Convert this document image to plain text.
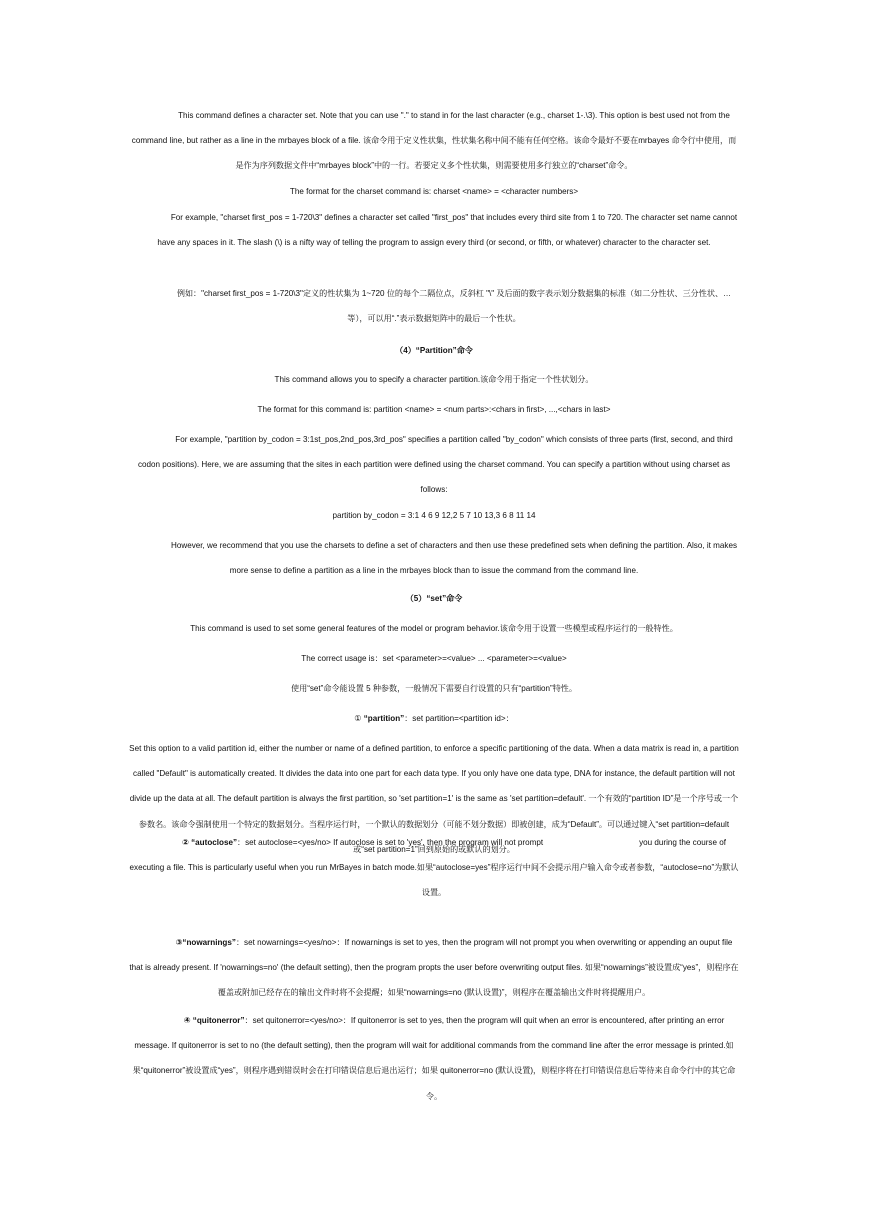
This command defines a character set. Note that you can use "." to stand in for the last character (e.g., charset 1-.\3). This option is best used not from the command line, but rather as a line in the mrbayes block of a file. 该命令用于定义性状集，性状集名称中间不能有任何空格。该命令最好不要在mrbayes 命令行中使用，而是作为序列数据文件中“mrbayes block”中的一行。若要定义多个性状集，则需要使用多行独立的“charset”命令。

The format for the charset command is: charset <name> = <character numbers>

For example, "charset first_pos = 1-720\3" defines a character set called "first_pos" that includes every third site from 1 to 720. The character set name cannot have any spaces in it. The slash (\) is a nifty way of telling the program to assign every third (or second, or fifth, or whatever) character to the character set.

例如："charset first_pos = 1-720\3"定义的性状集为 1~720 位的每个二隔位点，反斜杠 "\" 及后面的数字表示划分数据集的标准（如二分性状、三分性状、…等），可以用“.”表示数据矩阵中的最后一个性状。

（4）“Partition”命令

This command allows you to specify a character partition.该命令用于指定一个性状划分。

The format for this command is: partition <name> = <num parts>:<chars in first>, ...,<chars in last>

For example, "partition by_codon = 3:1st_pos,2nd_pos,3rd_pos" specifies a partition called "by_codon" which consists of three parts (first, second, and third codon positions). Here, we are assuming that the sites in each partition were defined using the charset command. You can specify a partition without using charset as follows:

partition by_codon = 3:1 4 6 9 12,2 5 7 10 13,3 6 8 11 14

However, we recommend that you use the charsets to define a set of characters and then use these predefined sets when defining the partition. Also, it makes more sense to define a partition as a line in the mrbayes block than to issue the command from the command line.

（5）“set”命令

This command is used to set some general features of the model or program behavior.该命令用于设置一些模型或程序运行的一般特性。

The correct usage is：set <parameter>=<value> ... <parameter>=<value>

使用“set”命令能设置 5 种参数，一般情况下需要自行设置的只有“partition”特性。

① “partition”：set partition=<partition id>：

Set this option to a valid partition id, either the number or name of a defined partition, to enforce a specific partitioning of the data. When a data matrix is read in, a partition called "Default" is automatically created. It divides the data into one part for each data type. If you only have one data type, DNA for instance, the default partition will not divide up the data at all. The default partition is always the first partition, so 'set partition=1' is the same as 'set partition=default'. 一个有效的“partition ID”是一个序号或一个参数名。该命令强制使用一个特定的数据划分。当程序运行时，一个默认的数据划分（可能不划分数据）即被创建，成为“Default”。可以通过键入“set partition=default 或“set partition=1”回到原始的或默认的划分。

② “autoclose”：set autoclose=<yes/no> If autoclose is set to 'yes', then the program will not prompt	you during the course of executing a file. This is particularly useful when you run MrBayes in batch mode.如果“autoclose=yes”程序运行中间不会提示用户输入命令或者参数，“autoclose=no”为默认设置。

③“nowarnings”：set nowarnings=<yes/no>：If nowarnings is set to yes, then the program will not prompt you when overwriting or appending an ouput file that is already present. If 'nowarnings=no' (the default setting), then the program propts the user before overwriting output files. 如果“nowarnings”被设置成“yes”，则程序在覆盖或附加已经存在的输出文件时将不会提醒；如果“nowarnings=no (默认设置)”，则程序在覆盖输出文件时将提醒用户。

④ “quitonerror”：set quitonerror=<yes/no>：If quitonerror is set to yes, then the program will quit when an error is encountered, after printing an error message. If quitonerror is set to no (the default setting), then the program will wait for additional commands from the command line after the error message is printed.如果“quitonerror”被设置成“yes”，则程序遇到错误时会在打印错误信息后退出运行；如果 quitonerror=no (默认设置)，则程序将在打印错误信息后等待来自命令行中的其它命令。
